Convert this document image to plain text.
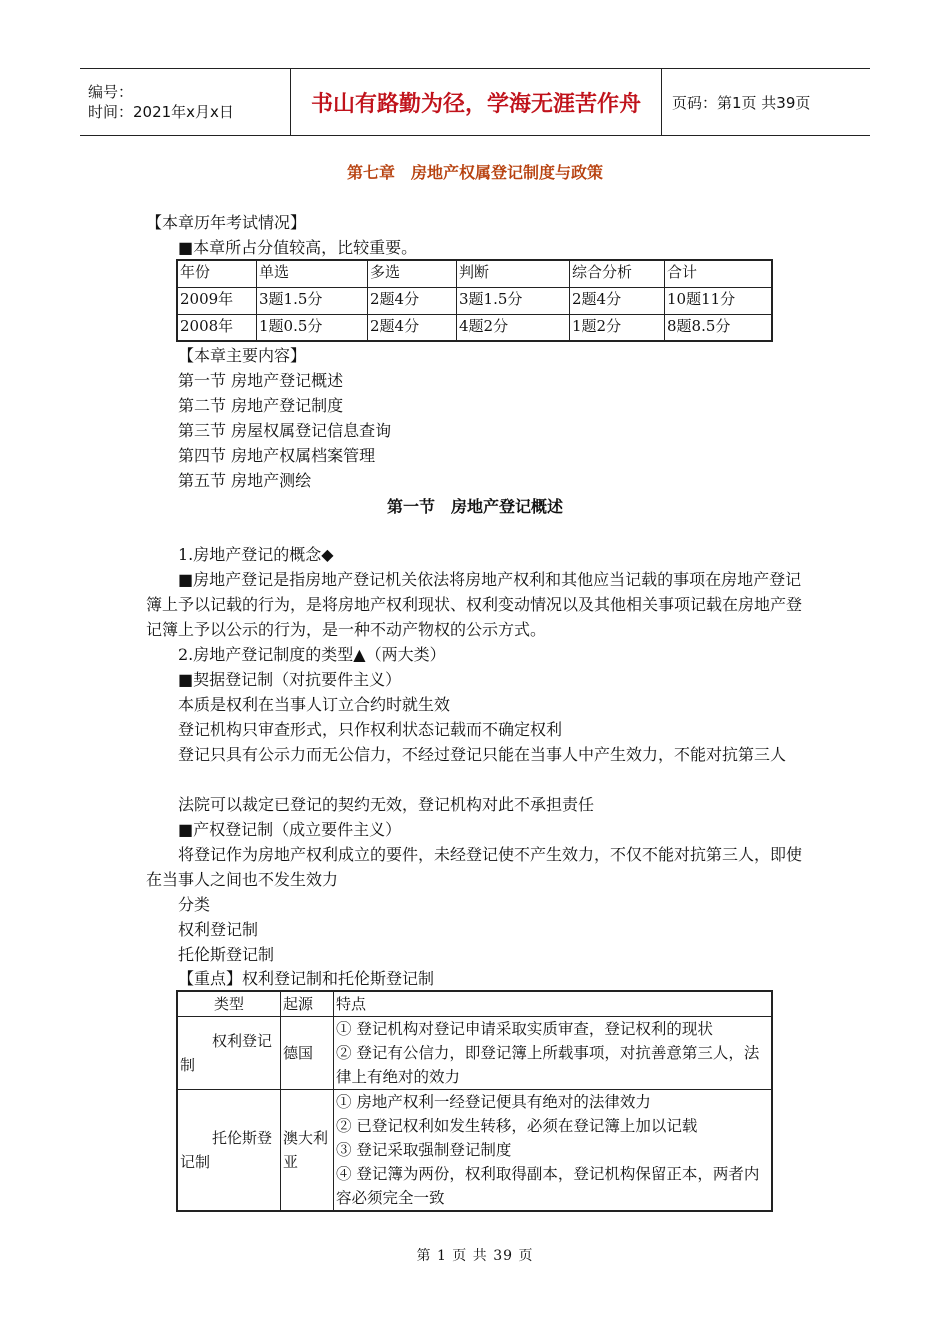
编号：
时间：2021年x月x日	书山有路勤为径，学海无涯苦作舟	页码：第1页 共39页
第七章　房地产权属登记制度与政策
【本章历年考试情况】
■本章所占分值较高，比较重要。
年份	单选	多选	判断	综合分析	合计
2009年	3题1.5分	2题4分	3题1.5分	2题4分	10题11分
2008年	1题0.5分	2题4分	4题2分	1题2分	8题8.5分
【本章主要内容】
第一节 房地产登记概述
第二节 房地产登记制度
第三节 房屋权属登记信息查询
第四节 房地产权属档案管理
第五节 房地产测绘
第一节　房地产登记概述
1.房地产登记的概念◆
■房地产登记是指房地产登记机关依法将房地产权利和其他应当记载的事项在房地产登记簿上予以记载的行为，是将房地产权利现状、权利变动情况以及其他相关事项记载在房地产登记簿上予以公示的行为，是一种不动产物权的公示方式。
2.房地产登记制度的类型▲（两大类）
■契据登记制（对抗要件主义）
本质是权利在当事人订立合约时就生效
登记机构只审查形式，只作权利状态记载而不确定权利
登记只具有公示力而无公信力，不经过登记只能在当事人中产生效力，不能对抗第三人
法院可以裁定已登记的契约无效，登记机构对此不承担责任
■产权登记制（成立要件主义）
将登记作为房地产权利成立的要件，未经登记使不产生效力，不仅不能对抗第三人，即使在当事人之间也不发生效力
分类
权利登记制
托伦斯登记制
【重点】权利登记制和托伦斯登记制
类型	起源	特点

权利登记制	德国	① 登记机构对登记申请采取实质审查，登记权利的现状
② 登记有公信力，即登记簿上所载事项，对抗善意第三人，法律上有绝对的效力

托伦斯登记制	澳大利亚	① 房地产权利一经登记便具有绝对的法律效力
② 已登记权利如发生转移，必须在登记簿上加以记载
③ 登记采取强制登记制度
④ 登记簿为两份，权利取得副本，登记机构保留正本，两者内容必须完全一致
第 1 页 共 39 页
